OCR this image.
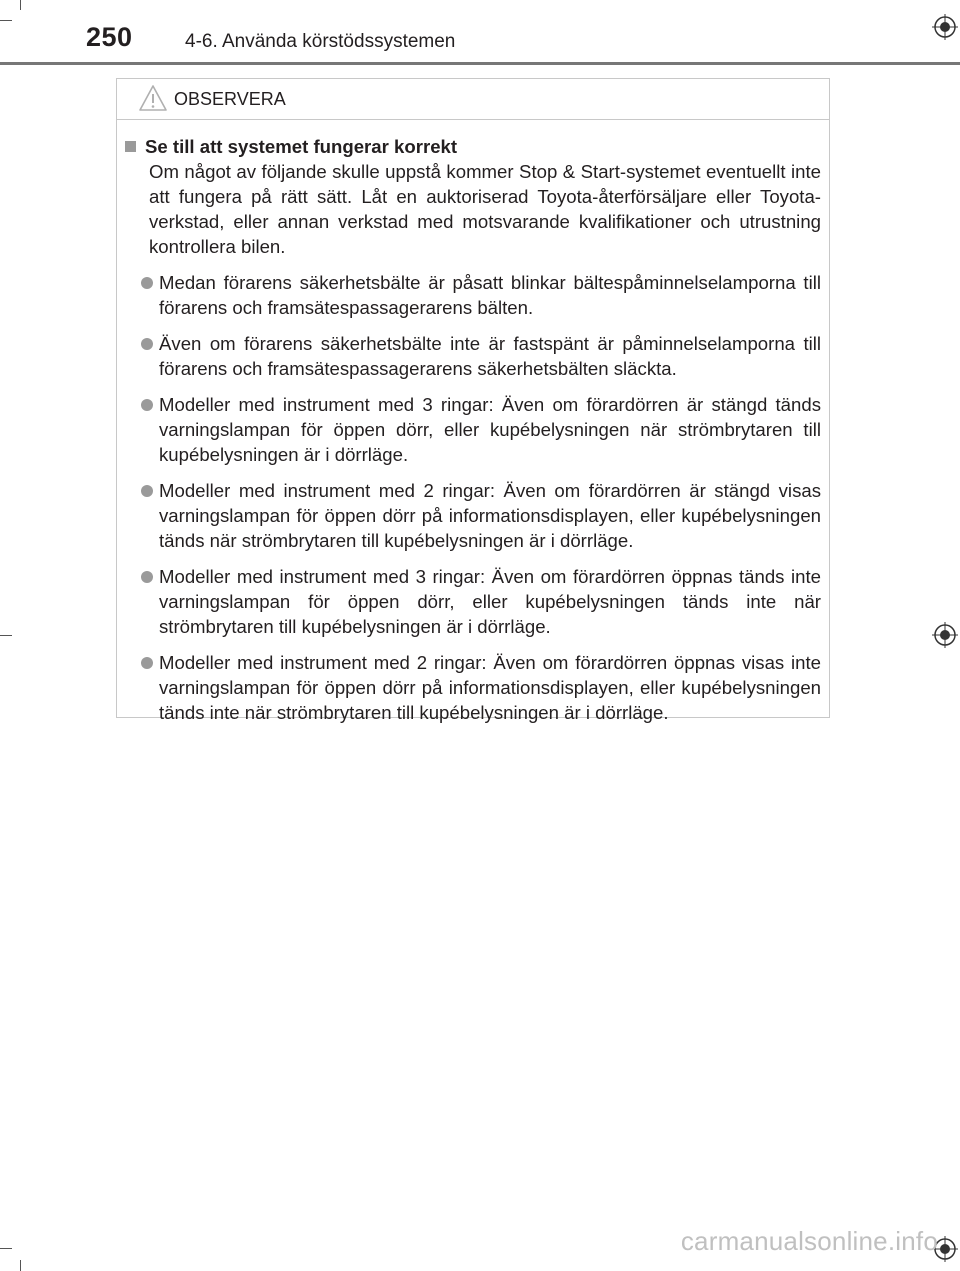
250	4-6. Använda körstödssystemen
OBSERVERA
Se till att systemet fungerar korrekt
Om något av följande skulle uppstå kommer Stop & Start-systemet eventuellt inte att fungera på rätt sätt. Låt en auktoriserad Toyota-återförsäljare eller Toyota-verkstad, eller annan verkstad med motsvarande kvalifikationer och utrustning kontrollera bilen.
Medan förarens säkerhetsbälte är påsatt blinkar bältespåminnelselamporna till förarens och framsätespassagerarens bälten.
Även om förarens säkerhetsbälte inte är fastspänt är påminnelselamporna till förarens och framsätespassagerarens säkerhetsbälten släckta.
Modeller med instrument med 3 ringar: Även om förardörren är stängd tänds varningslampan för öppen dörr, eller kupébelysningen när strömbrytaren till kupébelysningen är i dörrläge.
Modeller med instrument med 2 ringar: Även om förardörren är stängd visas varningslampan för öppen dörr på informationsdisplayen, eller kupébelysningen tänds när strömbrytaren till kupébelysningen är i dörrläge.
Modeller med instrument med 3 ringar: Även om förardörren öppnas tänds inte varningslampan för öppen dörr, eller kupébelysningen tänds inte när strömbrytaren till kupébelysningen är i dörrläge.
Modeller med instrument med 2 ringar: Även om förardörren öppnas visas inte varningslampan för öppen dörr på informationsdisplayen, eller kupébelysningen tänds inte när strömbrytaren till kupébelysningen är i dörrläge.
carmanualsonline.info
